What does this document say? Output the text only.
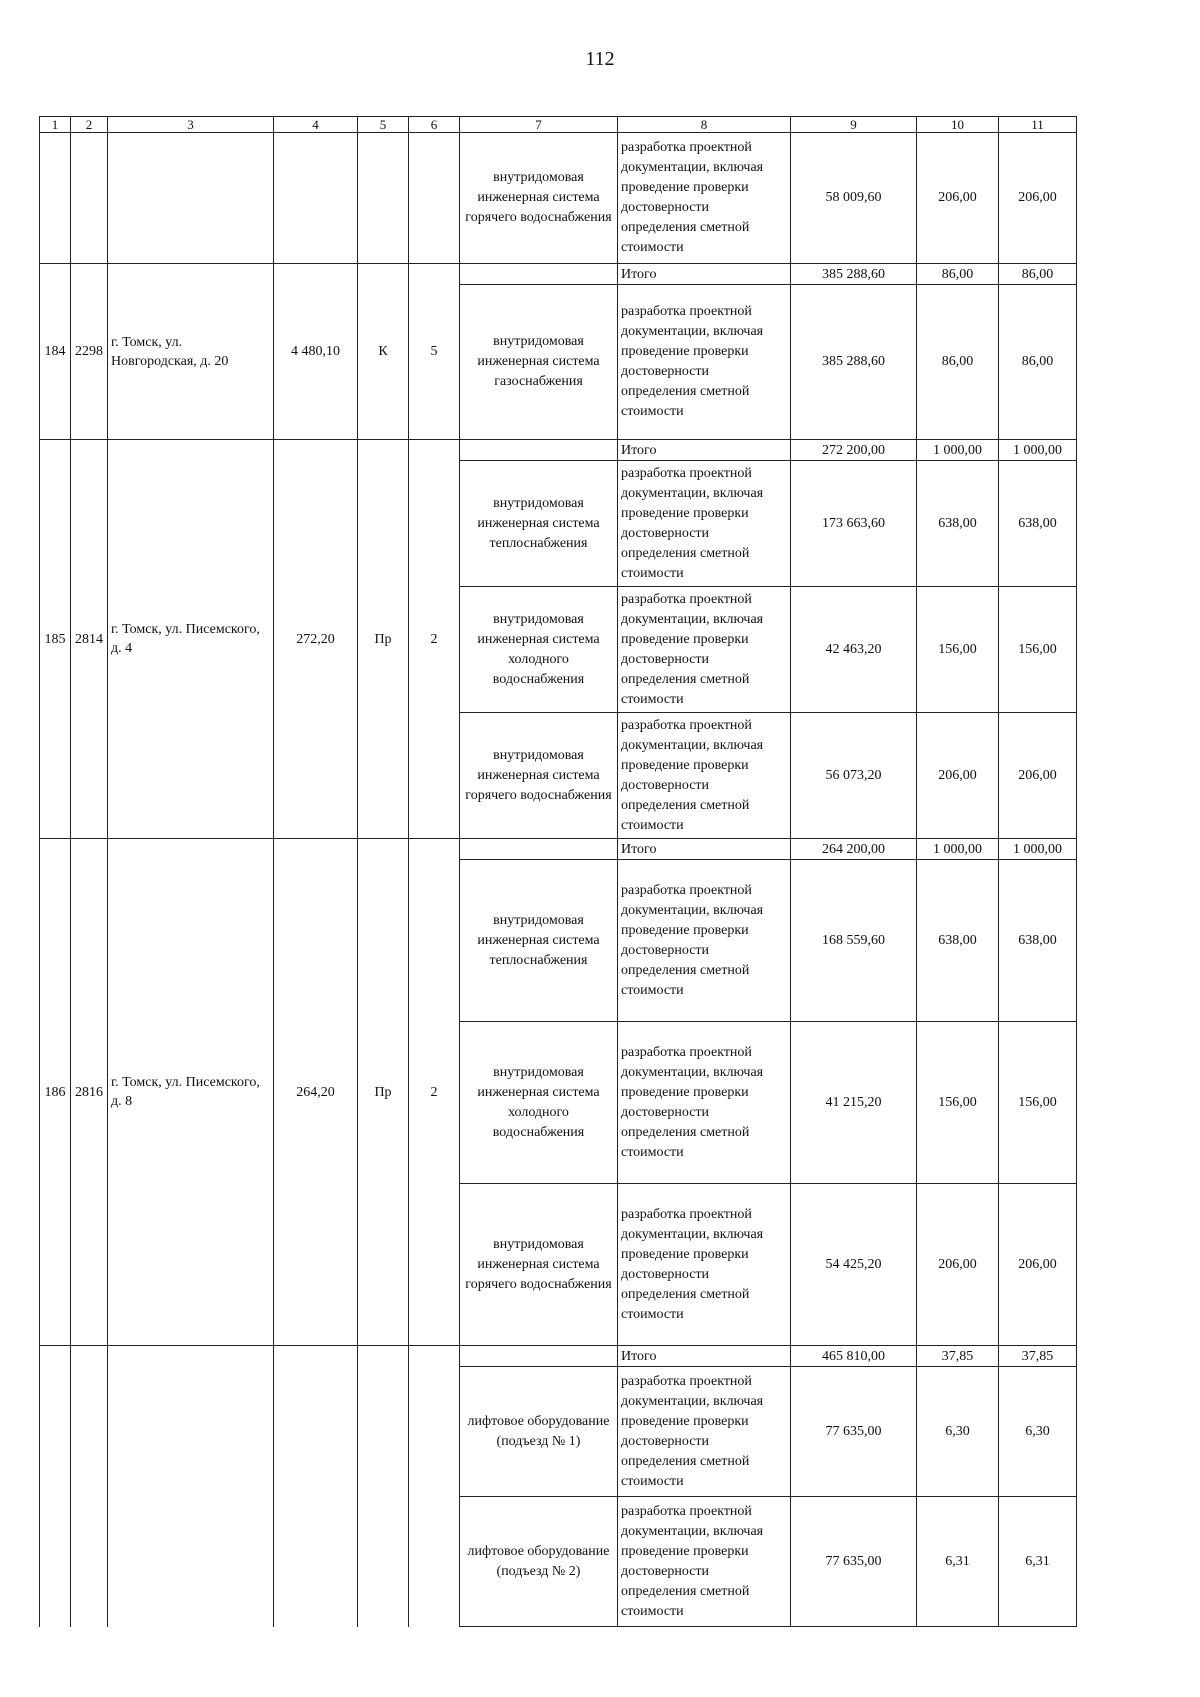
112
1	2	3	4	5	6	7	8	9	10	11
						внутридомовая инженерная система горячего водоснабжения	разработка проектной документации, включая проведение проверки достоверности определения сметной стоимости	58 009,60	206,00	206,00
184	2298	г. Томск, ул. Новгородская, д. 20	4 480,10	К	5		Итого	385 288,60	86,00	86,00
						внутридомовая инженерная система газоснабжения	разработка проектной документации, включая проведение проверки достоверности определения сметной стоимости	385 288,60	86,00	86,00
185	2814	г. Томск, ул. Писемского, д. 4	272,20	Пр	2		Итого	272 200,00	1 000,00	1 000,00
						внутридомовая инженерная система теплоснабжения	разработка проектной документации, включая проведение проверки достоверности определения сметной стоимости	173 663,60	638,00	638,00
						внутридомовая инженерная система холодного водоснабжения	разработка проектной документации, включая проведение проверки достоверности определения сметной стоимости	42 463,20	156,00	156,00
						внутридомовая инженерная система горячего водоснабжения	разработка проектной документации, включая проведение проверки достоверности определения сметной стоимости	56 073,20	206,00	206,00
186	2816	г. Томск, ул. Писемского, д. 8	264,20	Пр	2		Итого	264 200,00	1 000,00	1 000,00
						внутридомовая инженерная система теплоснабжения	разработка проектной документации, включая проведение проверки достоверности определения сметной стоимости	168 559,60	638,00	638,00
						внутридомовая инженерная система холодного водоснабжения	разработка проектной документации, включая проведение проверки достоверности определения сметной стоимости	41 215,20	156,00	156,00
						внутридомовая инженерная система горячего водоснабжения	разработка проектной документации, включая проведение проверки достоверности определения сметной стоимости	54 425,20	206,00	206,00
							Итого	465 810,00	37,85	37,85
						лифтовое оборудование (подъезд № 1)	разработка проектной документации, включая проведение проверки достоверности определения сметной стоимости	77 635,00	6,30	6,30
						лифтовое оборудование (подъезд № 2)	разработка проектной документации, включая проведение проверки достоверности определения сметной стоимости	77 635,00	6,31	6,31
